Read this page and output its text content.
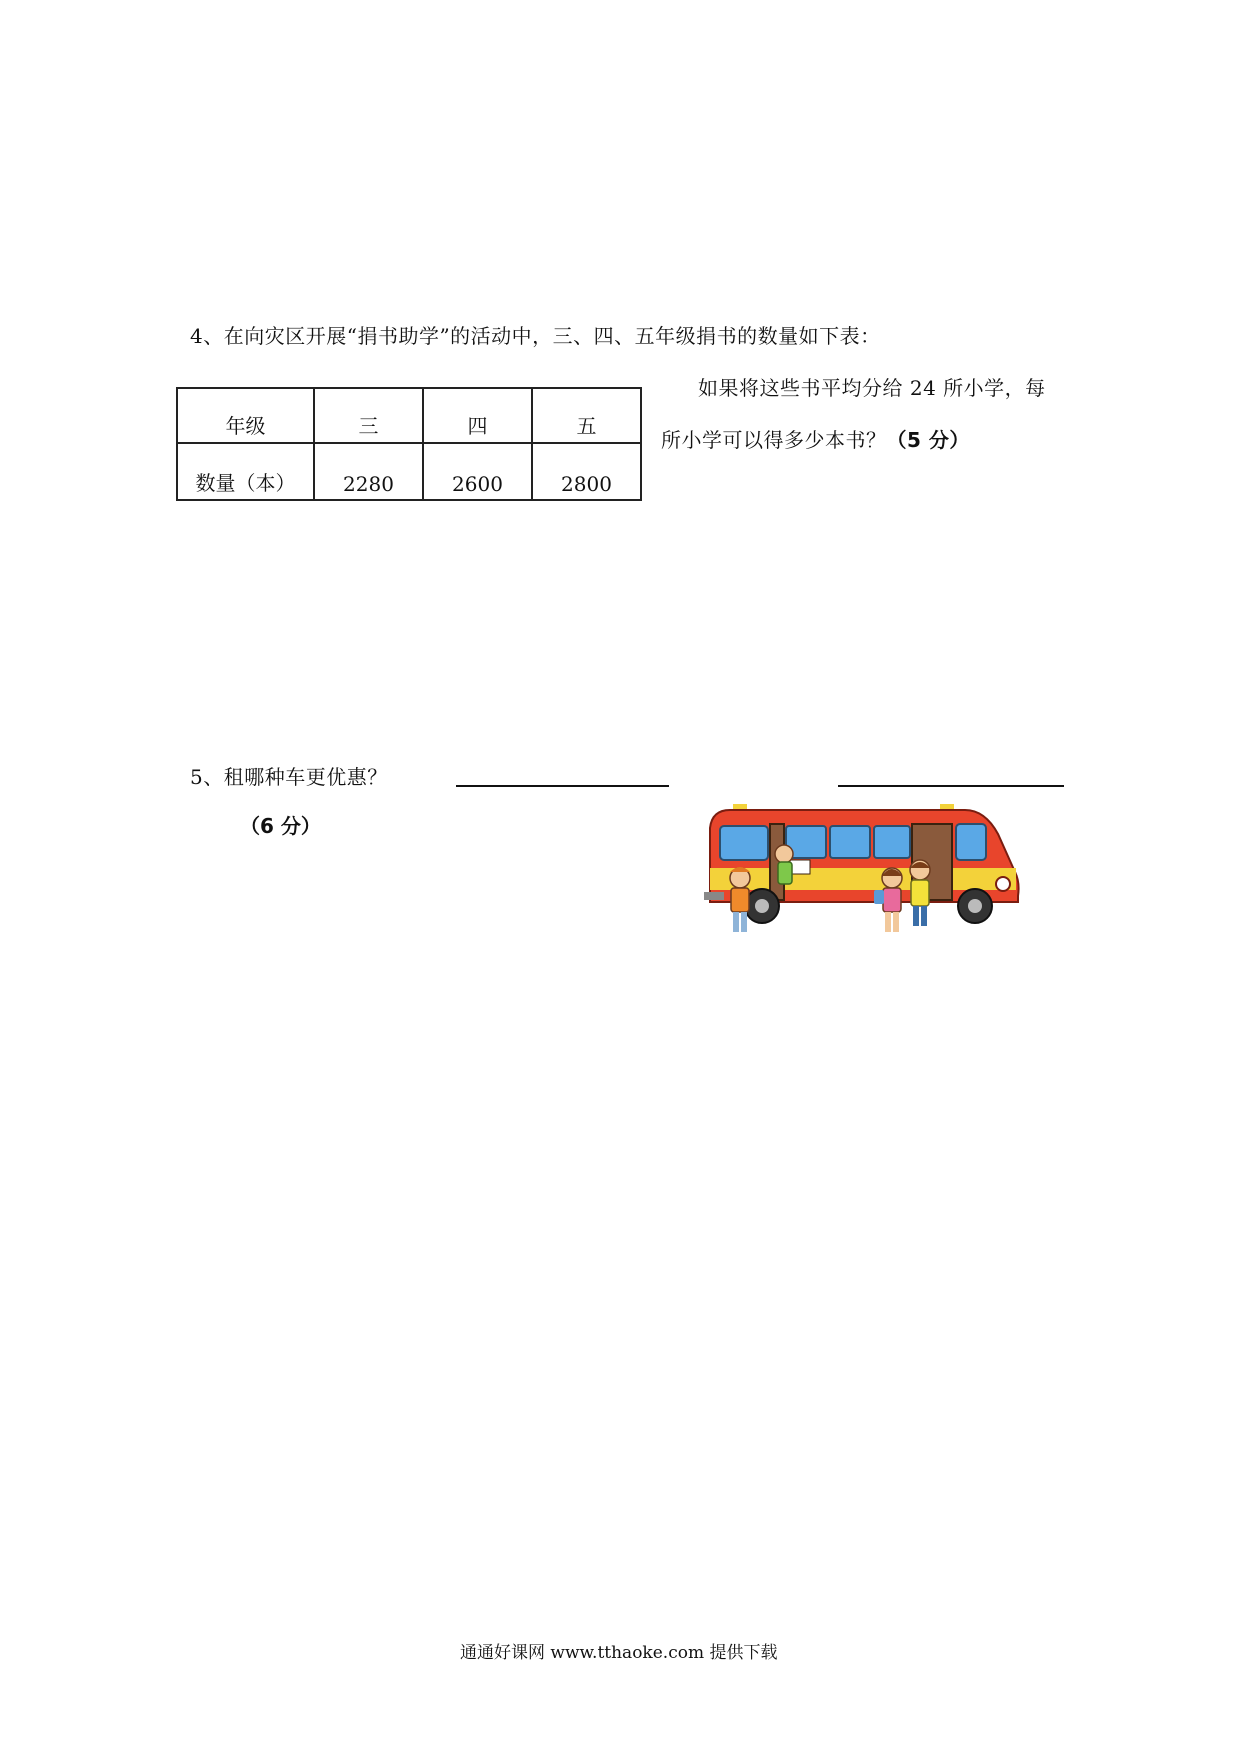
4、在向灾区开展“捐书助学”的活动中，三、四、五年级捐书的数量如下表：
年级	三	四	五
数量（本）	2280	2600	2800
如果将这些书平均分给 24 所小学，每
所小学可以得多少本书？（5 分）
5、租哪种车更优惠？
（6 分）
通通好课网 www.tthaoke.com 提供下载
